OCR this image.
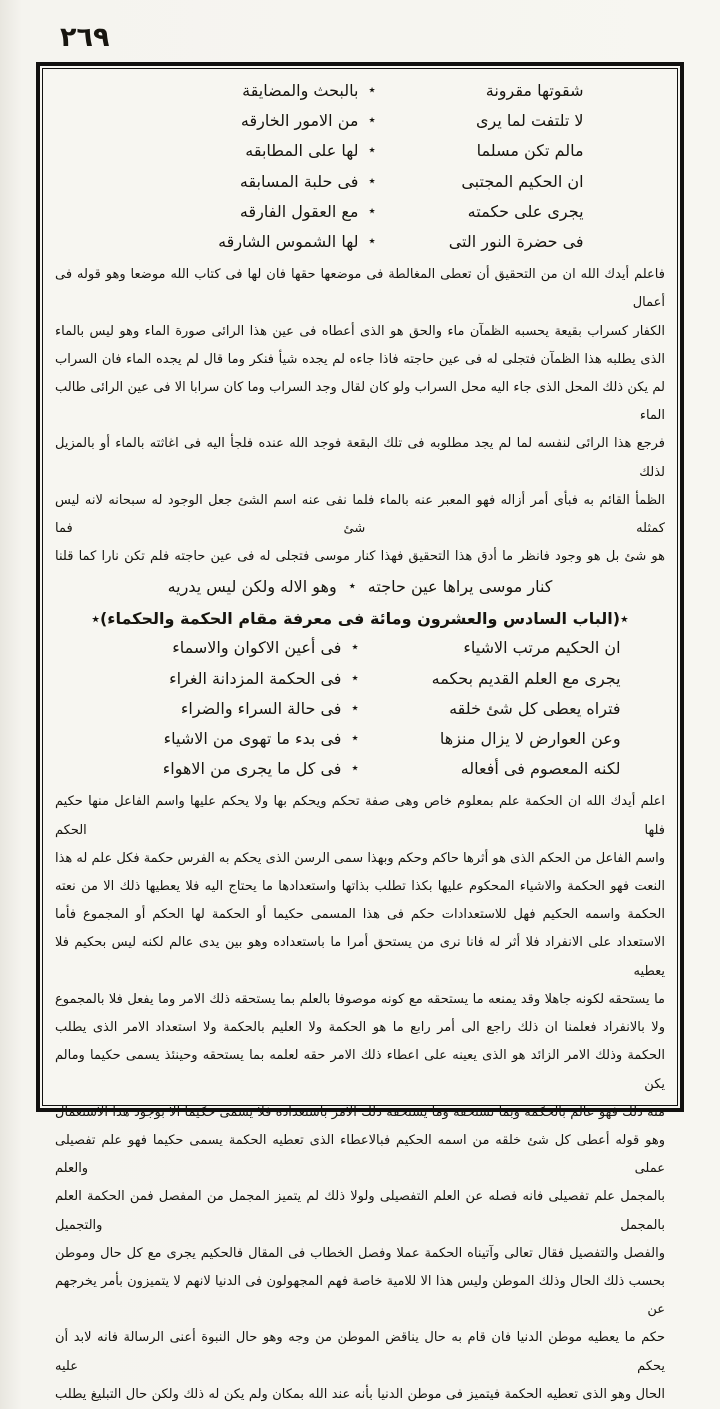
٢٦٩
شقوتها مقرونة
٭
بالبحث والمضايقة
لا تلتفت لما يرى
٭
من الامور الخارقه
مالم تكن مسلما
٭
لها على المطابقه
ان الحكيم المجتبى
٭
فى حلبة المسابقه
يجرى على حكمته
٭
مع العقول الفارقه
فى حضرة النور التى
٭
لها الشموس الشارقه
فاعلم أيدك الله ان من التحقيق أن تعطى المغالطة فى موضعها حقها فان لها فى كتاب الله موضعا وهو قوله فى أعمال
الكفار كسراب بقيعة يحسبه الظمآن ماء والحق هو الذى أعطاه فى عين هذا الرائى صورة الماء وهو ليس بالماء
الذى يطلبه هذا الظمآن فتجلى له فى عين حاجته فاذا جاءه لم يجده شيأ فنكر وما قال لم يجده الماء فان السراب
لم يكن ذلك المحل الذى جاء اليه محل السراب ولو كان لقال وجد السراب وما كان سرابا الا فى عين الرائى طالب الماء
فرجع هذا الرائى لنفسه لما لم يجد مطلوبه فى تلك البقعة فوجد الله عنده فلجأ اليه فى اغاثته بالماء أو بالمزيل لذلك
الظمأ القائم به فبأى أمر أزاله فهو المعبر عنه بالماء فلما نفى عنه اسم الشئ جعل الوجود له سبحانه لانه ليس كمثله شئ فما
هو شئ بل هو وجود فانظر ما أدق هذا التحقيق فهذا كنار موسى فتجلى له فى عين حاجته فلم تكن نارا كما قلنا
كنار موسى يراها عين حاجته
٭
وهو الاله ولكن ليس يدريه
٭(الباب السادس والعشرون ومائة فى معرفة مقام الحكمة والحكماء)٭
ان الحكيم مرتب الاشياء
٭
فى أعين الاكوان والاسماء
يجرى مع العلم القديم بحكمه
٭
فى الحكمة المزدانة الغراء
فتراه يعطى كل شئ خلقه
٭
فى حالة السراء والضراء
وعن العوارض لا يزال منزها
٭
فى بدء ما تهوى من الاشياء
لكنه المعصوم فى أفعاله
٭
فى كل ما يجرى من الاهواء
اعلم أيدك الله ان الحكمة علم بمعلوم خاص وهى صفة تحكم ويحكم بها ولا يحكم عليها واسم الفاعل منها حكيم فلها الحكم
واسم الفاعل من الحكم الذى هو أثرها حاكم وحكم وبهذا سمى الرسن الذى يحكم به الفرس حكمة فكل علم له هذا
النعت فهو الحكمة والاشياء المحكوم عليها بكذا تطلب بذاتها واستعدادها ما يحتاج اليه فلا يعطيها ذلك الا من نعته
الحكمة واسمه الحكيم فهل للاستعدادات حكم فى هذا المسمى حكيما أو الحكمة لها الحكم أو المجموع فأما
الاستعداد على الانفراد فلا أثر له فانا نرى من يستحق أمرا ما باستعداده وهو بين يدى عالم لكنه ليس بحكيم فلا يعطيه
ما يستحقه لكونه جاهلا وقد يمنعه ما يستحقه مع كونه موصوفا بالعلم بما يستحقه ذلك الامر وما يفعل فلا بالمجموع
ولا بالانفراد فعلمنا ان ذلك راجع الى أمر رابع ما هو الحكمة ولا العليم بالحكمة ولا استعداد الامر الذى يطلب
الحكمة وذلك الامر الزائد هو الذى يعينه على اعطاء ذلك الامر حقه لعلمه بما يستحقه وحينئذ يسمى حكيما ومالم يكن
منه ذلك فهو عالم بالحكمة وبما تستحقه وما يستحقه ذلك الامر باستعداده فلا يسمى حكيما الا بوجود هذا الاستعمال
وهو قوله أعطى كل شئ خلقه من اسمه الحكيم فبالاعطاء الذى تعطيه الحكمة يسمى حكيما فهو علم تفصيلى عملى والعلم
بالمجمل علم تفصيلى فانه فصله عن العلم التفصيلى ولولا ذلك لم يتميز المجمل من المفصل فمن الحكمة العلم بالمجمل والتجميل
والفصل والتفصيل فقال تعالى وآتيناه الحكمة عملا وفصل الخطاب فى المقال فالحكيم يجرى مع كل حال وموطن
بحسب ذلك الحال وذلك الموطن وليس هذا الا للامية خاصة فهم المجهولون فى الدنيا لانهم لا يتميزون بأمر يخرجهم عن
حكم ما يعطيه موطن الدنيا فان قام به حال يناقض الموطن من وجه وهو حال النبوة أعنى الرسالة فانه لابد أن يحكم عليه
الحال وهو الذى تعطيه الحكمة فيتميز فى موطن الدنيا بأنه عند الله بمكان ولم يكن له ذلك ولكن حال التبليغ يطلب
